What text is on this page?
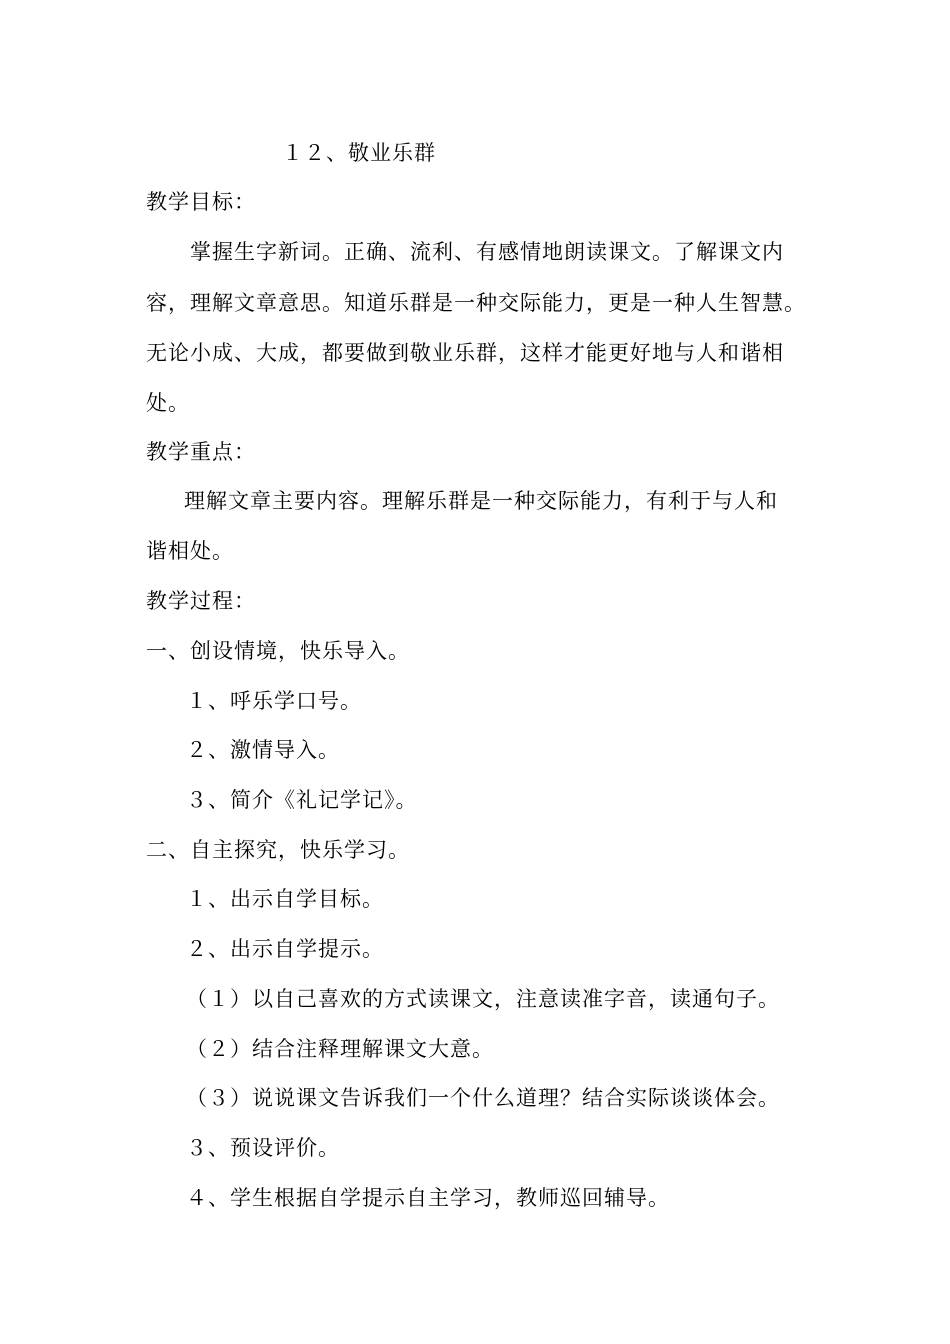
１２、敬业乐群
教学目标：
掌握生字新词。正确、流利、有感情地朗读课文。了解课文内
容，理解文章意思。知道乐群是一种交际能力，更是一种人生智慧。
无论小成、大成，都要做到敬业乐群，这样才能更好地与人和谐相
处。
教学重点：
理解文章主要内容。理解乐群是一种交际能力，有利于与人和
谐相处。
教学过程：
一、创设情境，快乐导入。
１、呼乐学口号。
２、激情导入。
３、简介《礼记学记》。
二、自主探究，快乐学习。
１、出示自学目标。
２、出示自学提示。
（１）以自己喜欢的方式读课文，注意读准字音，读通句子。
（２）结合注释理解课文大意。
（３）说说课文告诉我们一个什么道理？结合实际谈谈体会。
３、预设评价。
４、学生根据自学提示自主学习，教师巡回辅导。
